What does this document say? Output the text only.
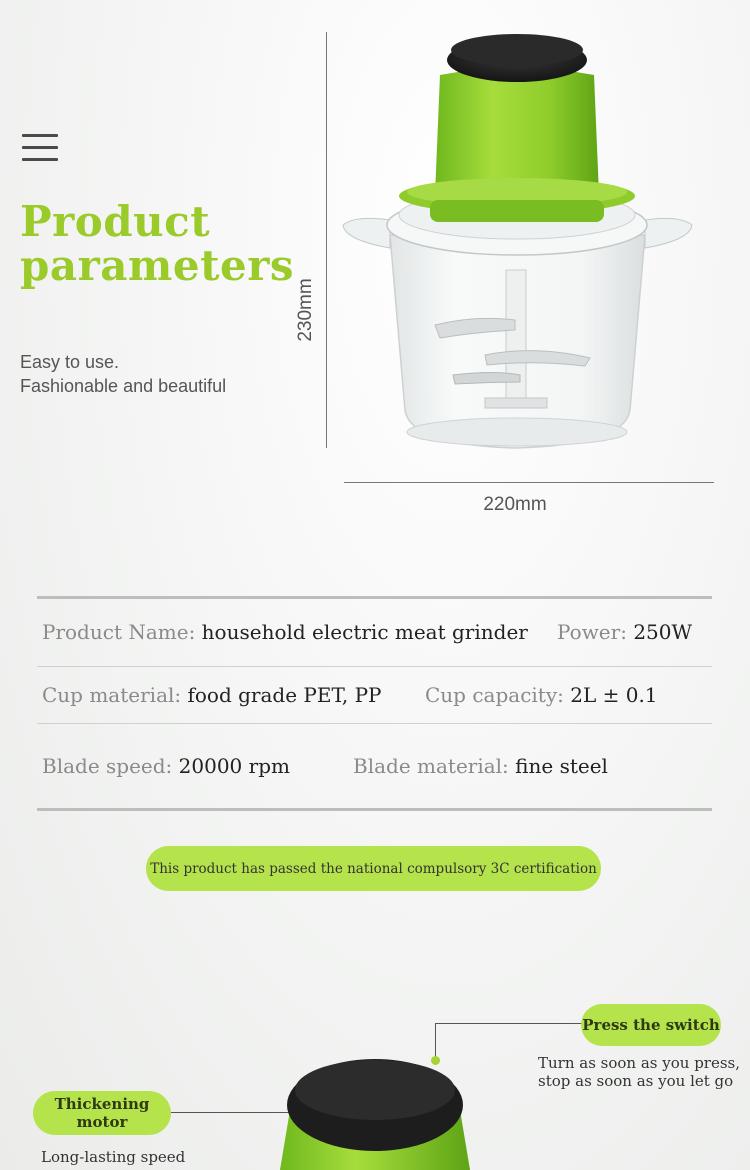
Product
parameters
Easy to use.
Fashionable and beautiful
230mm
220mm
Product Name: household electric meat grinder Power: 250W
Cup material: food grade PET, PP Cup capacity: 2L ± 0.1
Blade speed: 20000 rpm	Blade material: fine steel
This product has passed the national compulsory 3C certification
Press the switch
Turn as soon as you press,
stop as soon as you let go
Thickening
motor
Long-lasting speed
